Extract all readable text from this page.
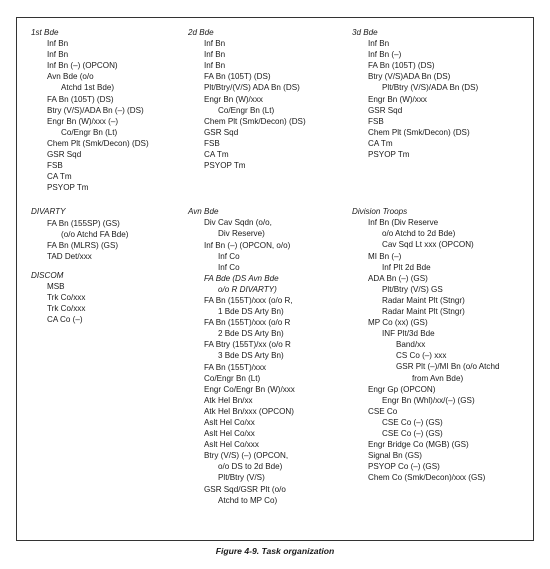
1st Bde
Inf Bn
Inf Bn
Inf Bn (–) (OPCON)
Avn Bde (o/o
Atchd 1st Bde)
FA Bn (105T) (DS)
Btry (V/S)/ADA Bn (–) (DS)
Engr Bn (W)/xxx (–)
Co/Engr Bn (Lt)
Chem Plt (Smk/Decon) (DS)
GSR Sqd
FSB
CA Tm
PSYOP Tm
DIVARTY
FA Bn (155SP) (GS)
(o/o Atchd FA Bde)
FA Bn (MLRS) (GS)
TAD Det/xxx
DISCOM
MSB
Trk Co/xxx
Trk Co/xxx
CA Co (–)
2d Bde
Inf Bn
Inf Bn
Inf Bn
FA Bn (105T) (DS)
Plt/Btry/(V/S) ADA Bn (DS)
Engr Bn (W)/xxx
Co/Engr Bn (Lt)
Chem Plt (Smk/Decon) (DS)
GSR Sqd
FSB
CA Tm
PSYOP Tm
Avn Bde
Div Cav Sqdn (o/o,
Div Reserve)
Inf Bn (–) (OPCON, o/o)
Inf Co
Inf Co
FA Bde (DS Avn Bde
o/o R DIVARTY)
FA Bn (155T)/xxx (o/o R,
1 Bde DS Arty Bn)
FA Bn (155T)/xxx (o/o R
2 Bde DS Arty Bn)
FA Btry (155T)/xx (o/o R
3 Bde DS Arty Bn)
FA Bn (155T)/xxx
Co/Engr Bn (Lt)
Engr Co/Engr Bn (W)/xxx
Atk Hel Bn/xx
Atk Hel Bn/xxx (OPCON)
Aslt Hel Co/xx
Aslt Hel Co/xx
Aslt Hel Co/xxx
Btry (V/S) (–) (OPCON,
o/o DS to 2d Bde)
Plt/Btry (V/S)
GSR Sqd/GSR Plt (o/o
Atchd to MP Co)
3d Bde
Inf Bn
Inf Bn (–)
FA Bn (105T) (DS)
Btry (V/S)ADA Bn (DS)
Plt/Btry (V/S)/ADA Bn (DS)
Engr Bn (W)/xxx
GSR Sqd
FSB
Chem Plt (Smk/Decon) (DS)
CA Tm
PSYOP Tm
Division Troops
Inf Bn (Div Reserve
o/o Atchd to 2d Bde)
Cav Sqd Lt xxx (OPCON)
MI Bn (–)
Inf Plt 2d Bde
ADA Bn (–) (GS)
Plt/Btry (V/S) GS
Radar Maint Plt (Stngr)
Radar Maint Plt (Stngr)
MP Co (xx) (GS)
INF Plt/3d Bde
Band/xx
CS Co (–) xxx
GSR Plt (–)/MI Bn (o/o Atchd
from Avn Bde)
Engr Gp (OPCON)
Engr Bn (Whl)/xx/(–) (GS)
CSE Co
CSE Co (–) (GS)
CSE Co (–) (GS)
Engr Bridge Co (MGB) (GS)
Signal Bn (GS)
PSYOP Co (–) (GS)
Chem Co (Smk/Decon)/xxx (GS)
Figure 4-9. Task organization
